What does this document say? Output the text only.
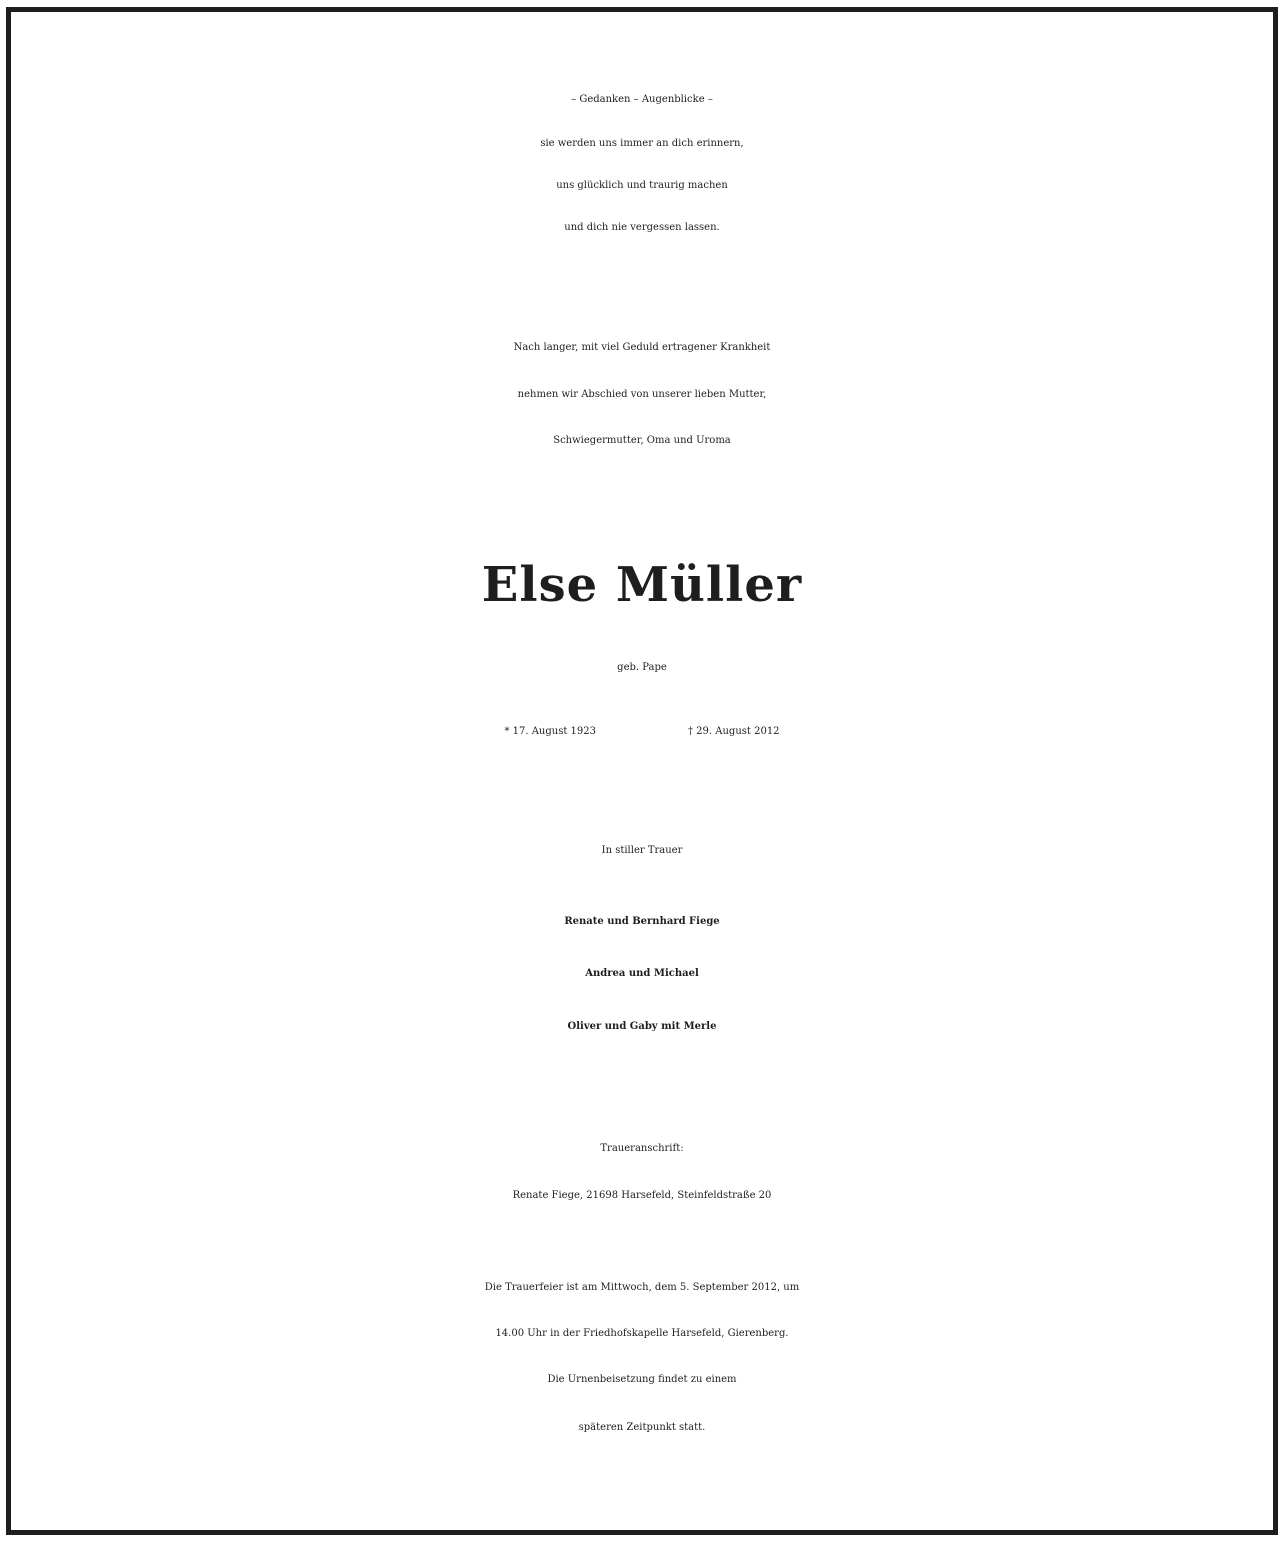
– Gedanken – Augenblicke –
sie werden uns immer an dich erinnern,
uns glücklich und traurig machen
und dich nie vergessen lassen.
Nach langer, mit viel Geduld ertragener Krankheit
nehmen wir Abschied von unserer lieben Mutter,
Schwiegermutter, Oma und Uroma
Else Müller
geb. Pape
* 17. August 1923	† 29. August 2012
In stiller Trauer
Renate und Bernhard Fiege
Andrea und Michael
Oliver und Gaby mit Merle
Traueranschrift:
Renate Fiege, 21698 Harsefeld, Steinfeldstraße 20
Die Trauerfeier ist am Mittwoch, dem 5. September 2012, um
14.00 Uhr in der Friedhofskapelle Harsefeld, Gierenberg.
Die Urnenbeisetzung findet zu einem
späteren Zeitpunkt statt.
